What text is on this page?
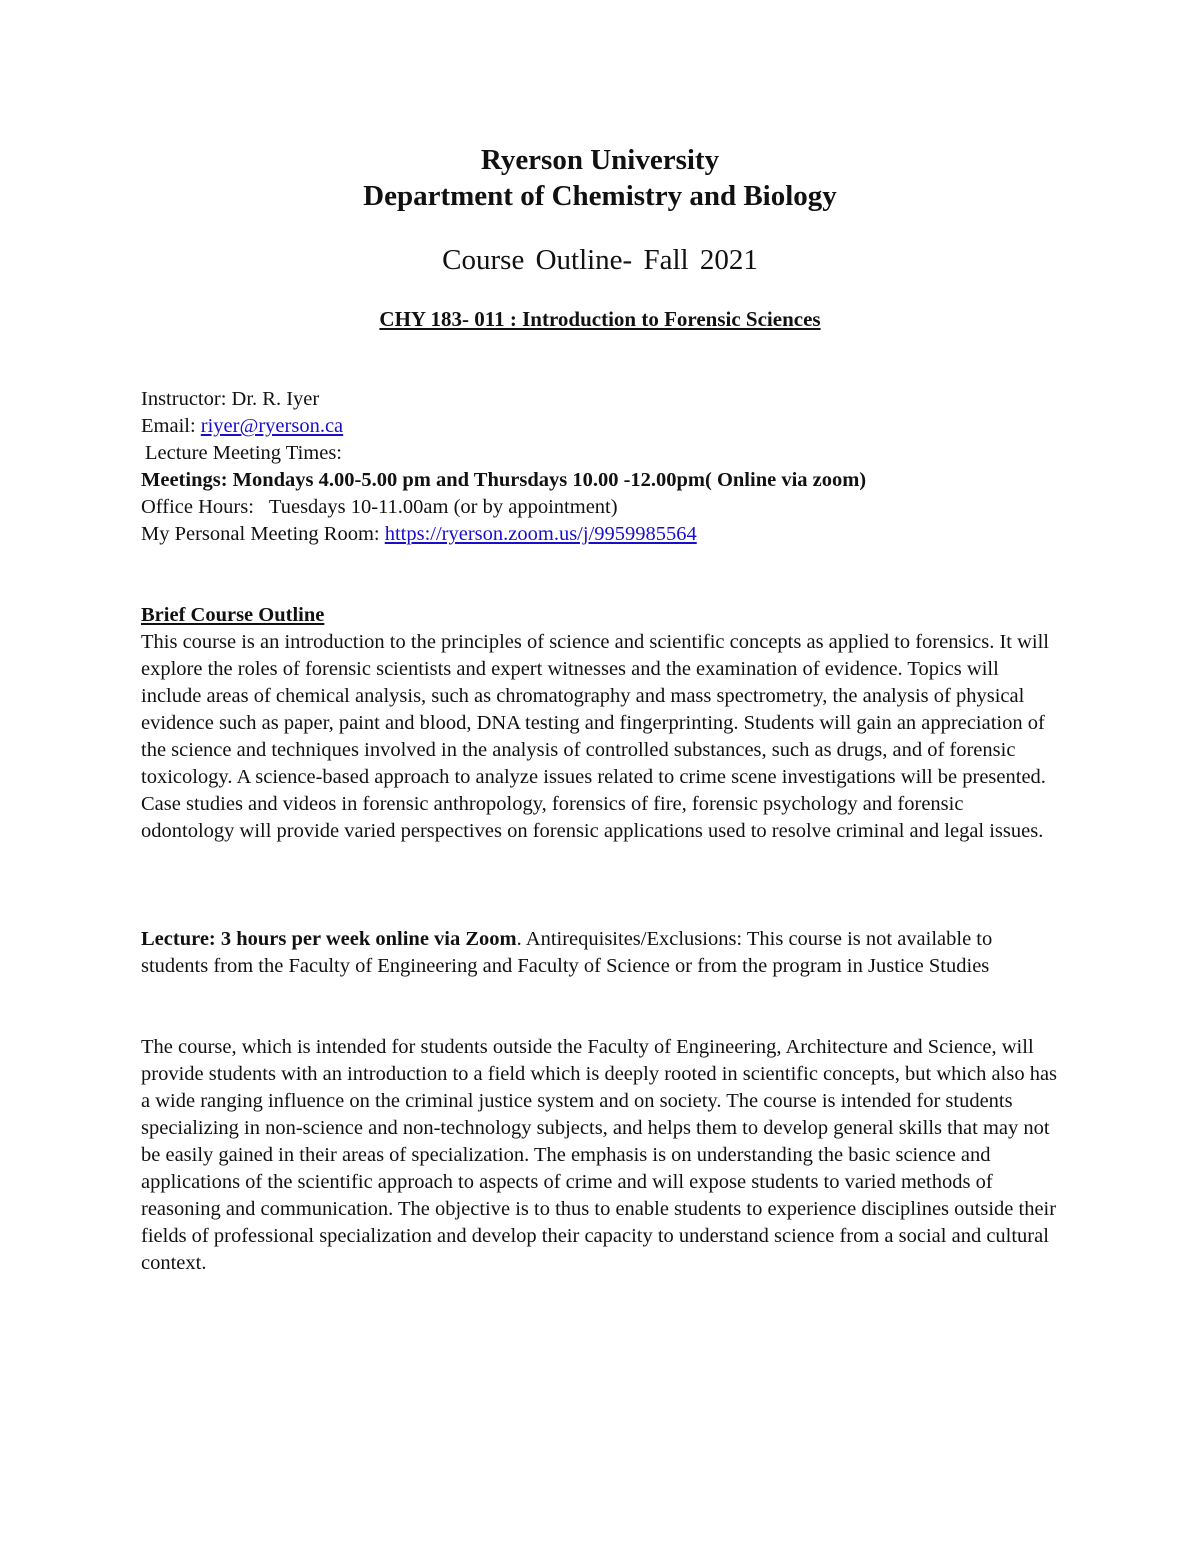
Ryerson University
Department of Chemistry and Biology
Course Outline- Fall 2021
CHY 183- 011 : Introduction to Forensic Sciences
Instructor: Dr. R. Iyer
Email: riyer@ryerson.ca
Lecture Meeting Times:
Meetings: Mondays 4.00-5.00 pm and Thursdays 10.00 -12.00pm( Online via zoom)
Office Hours:   Tuesdays 10-11.00am (or by appointment)
My Personal Meeting Room: https://ryerson.zoom.us/j/9959985564
Brief Course Outline

This course is an introduction to the principles of science and scientific concepts as applied to forensics. It will explore the roles of forensic scientists and expert witnesses and the examination of evidence. Topics will include areas of chemical analysis, such as chromatography and mass spectrometry, the analysis of physical evidence such as paper, paint and blood, DNA testing and fingerprinting. Students will gain an appreciation of the science and techniques involved in the analysis of controlled substances, such as drugs, and of forensic toxicology. A science-based approach to analyze issues related to crime scene investigations will be presented. Case studies and videos in forensic anthropology, forensics of fire, forensic psychology and forensic odontology will provide varied perspectives on forensic applications used to resolve criminal and legal issues.

Lecture: 3 hours per week online via Zoom. Antirequisites/Exclusions: This course is not available to students from the Faculty of Engineering and Faculty of Science or from the program in Justice Studies

The course, which is intended for students outside the Faculty of Engineering, Architecture and Science, will provide students with an introduction to a field which is deeply rooted in scientific concepts, but which also has a wide ranging influence on the criminal justice system and on society. The course is intended for students specializing in non-science and non-technology subjects, and helps them to develop general skills that may not be easily gained in their areas of specialization. The emphasis is on understanding the basic science and applications of the scientific approach to aspects of crime and will expose students to varied methods of reasoning and communication. The objective is to thus to enable students to experience disciplines outside their fields of professional specialization and develop their capacity to understand science from a social and cultural context.
